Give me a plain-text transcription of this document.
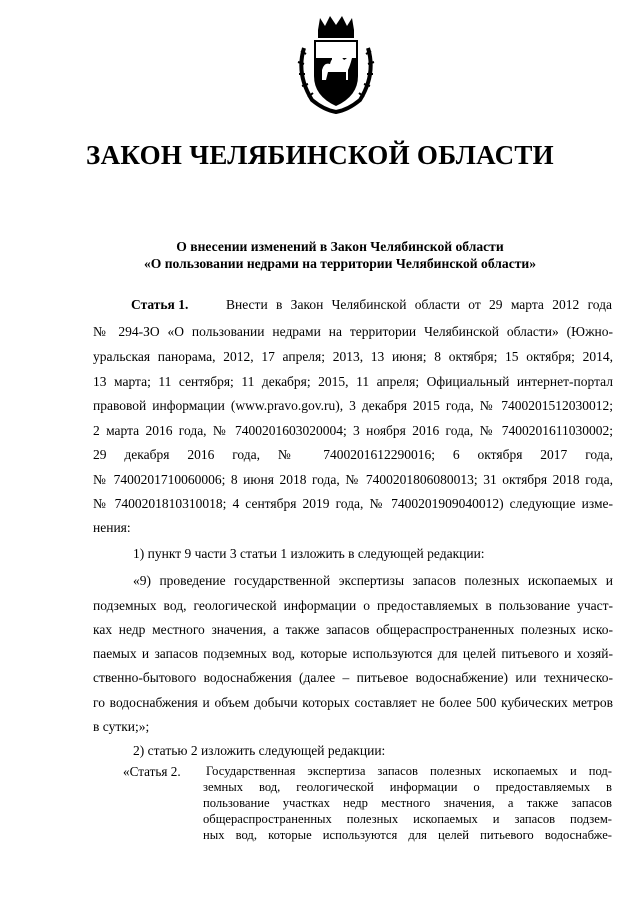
ЗАКОН ЧЕЛЯБИНСКОЙ ОБЛАСТИ
О внесении изменений в Закон Челябинской области
«О пользовании недрами на территории Челябинской области»
Статья 1.	Внести в Закон Челябинской области от 29 марта 2012 года
№ 294-ЗО «О пользовании недрами на территории Челябинской области» (Южно-
уральская панорама, 2012, 17 апреля; 2013, 13 июня; 8 октября; 15 октября; 2014,
13 марта; 11 сентября; 11 декабря; 2015, 11 апреля; Официальный интернет-портал
правовой информации (www.pravo.gov.ru), 3 декабря 2015 года, № 7400201512030012;
2 марта 2016 года, № 7400201603020004; 3 ноября 2016 года, № 7400201611030002;
29 декабря 2016 года, № 7400201612290016; 6 октября 2017 года,
№ 7400201710060006; 8 июня 2018 года, № 7400201806080013; 31 октября 2018 года,
№ 7400201810310018; 4 сентября 2019 года, № 7400201909040012) следующие изме-
нения:
1) пункт 9 части 3 статьи 1 изложить в следующей редакции:
«9) проведение государственной экспертизы запасов полезных ископаемых и
подземных вод, геологической информации о предоставляемых в пользование участ-
ках недр местного значения, а также запасов общераспространенных полезных иско-
паемых и запасов подземных вод, которые используются для целей питьевого и хозяй-
ственно-бытового водоснабжения (далее – питьевое водоснабжение) или техническо-
го водоснабжения и объем добычи которых составляет не более 500 кубических метров
в сутки;»;
2) статью 2 изложить следующей редакции:
«Статья 2. Государственная экспертиза запасов полезных ископаемых и под-
земных вод, геологической информации о предоставляемых в
пользование участках недр местного значения, а также запасов
общераспространенных полезных ископаемых и запасов подзем-
ных вод, которые используются для целей питьевого водоснабже-
